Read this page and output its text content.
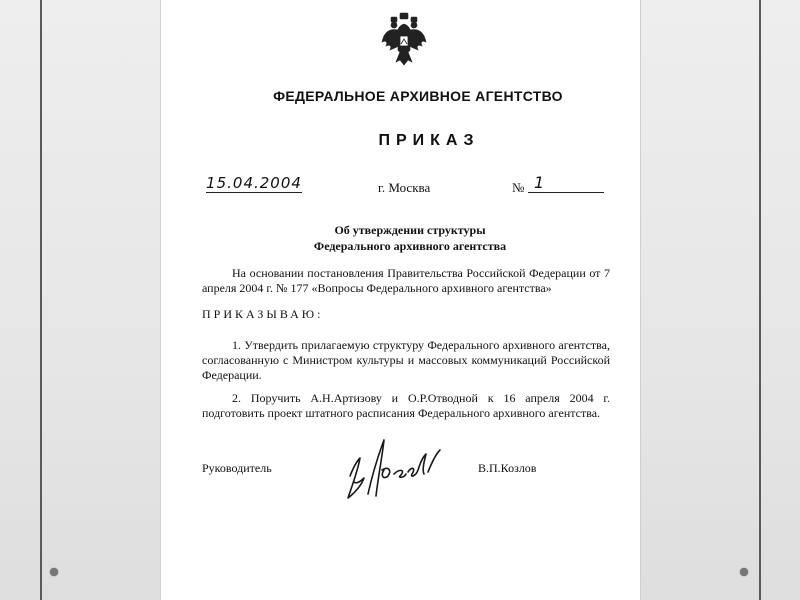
ФЕДЕРАЛЬНОЕ АРХИВНОЕ АГЕНТСТВО
ПРИКАЗ
15.04.2004	г. Москва	№ 1
Об утверждении структуры
Федерального архивного агентства
На основании постановления Правительства Российской Федерации от 7 апреля 2004 г. № 177 «Вопросы Федерального архивного агентства»
ПРИКАЗЫВАЮ:
1. Утвердить прилагаемую структуру Федерального архивного агентства, согласованную с Министром культуры и массовых коммуникаций Российской Федерации.
2. Поручить А.Н.Артизову и О.Р.Отводной к 16 апреля 2004 г. подготовить проект штатного расписания Федерального архивного агентства.
Руководитель	В.П.Козлов
